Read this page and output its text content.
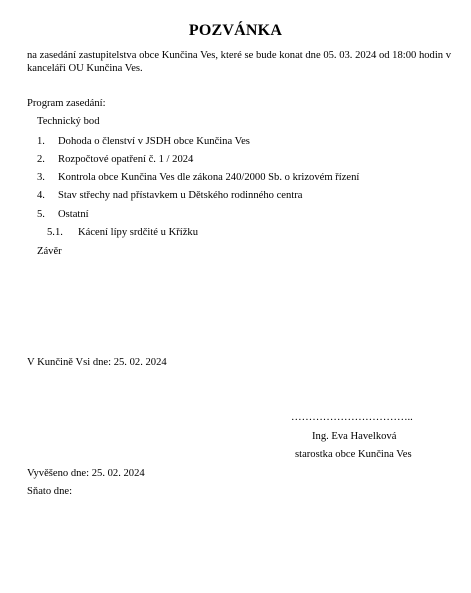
POZVÁNKA
na zasedání zastupitelstva obce Kunčina Ves, které se bude konat dne 05. 03. 2024 od 18:00 hodin v kanceláři OU Kunčina Ves.
Program zasedání:
Technický bod
1. Dohoda o členství v JSDH obce Kunčina Ves
2. Rozpočtové opatření č. 1 / 2024
3. Kontrola obce Kunčina Ves dle zákona 240/2000 Sb. o krizovém řízení
4. Stav střechy nad přístavkem u Dětského rodinného centra
5. Ostatní
5.1. Kácení lípy srdčité u Křížku
Závěr
V Kunčině Vsi dne: 25. 02. 2024
……………………………..
Ing. Eva Havelková
starostka obce Kunčina Ves
Vyvěšeno dne: 25. 02. 2024
Sňato dne:
